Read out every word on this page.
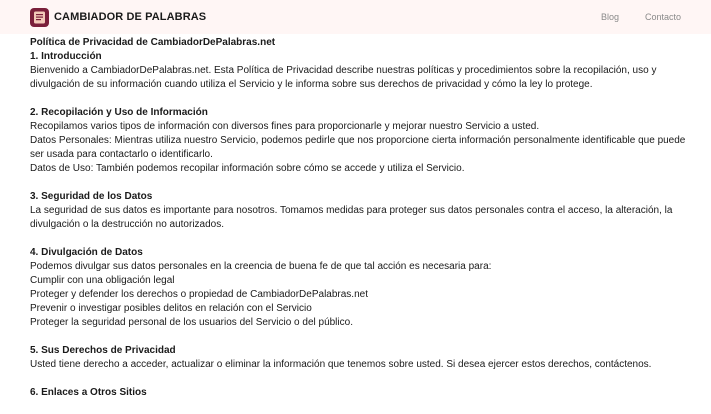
CAMBIADOR DE PALABRAS	Blog	Contacto
Política de Privacidad de CambiadorDePalabras.net
1. Introducción
Bienvenido a CambiadorDePalabras.net. Esta Política de Privacidad describe nuestras políticas y procedimientos sobre la recopilación, uso y divulgación de su información cuando utiliza el Servicio y le informa sobre sus derechos de privacidad y cómo la ley lo protege.
2. Recopilación y Uso de Información
Recopilamos varios tipos de información con diversos fines para proporcionarle y mejorar nuestro Servicio a usted.
Datos Personales: Mientras utiliza nuestro Servicio, podemos pedirle que nos proporcione cierta información personalmente identificable que puede ser usada para contactarlo o identificarlo.
Datos de Uso: También podemos recopilar información sobre cómo se accede y utiliza el Servicio.
3. Seguridad de los Datos
La seguridad de sus datos es importante para nosotros. Tomamos medidas para proteger sus datos personales contra el acceso, la alteración, la divulgación o la destrucción no autorizados.
4. Divulgación de Datos
Podemos divulgar sus datos personales en la creencia de buena fe de que tal acción es necesaria para:
Cumplir con una obligación legal
Proteger y defender los derechos o propiedad de CambiadorDePalabras.net
Prevenir o investigar posibles delitos en relación con el Servicio
Proteger la seguridad personal de los usuarios del Servicio o del público.
5. Sus Derechos de Privacidad
Usted tiene derecho a acceder, actualizar o eliminar la información que tenemos sobre usted. Si desea ejercer estos derechos, contáctenos.
6. Enlaces a Otros Sitios
